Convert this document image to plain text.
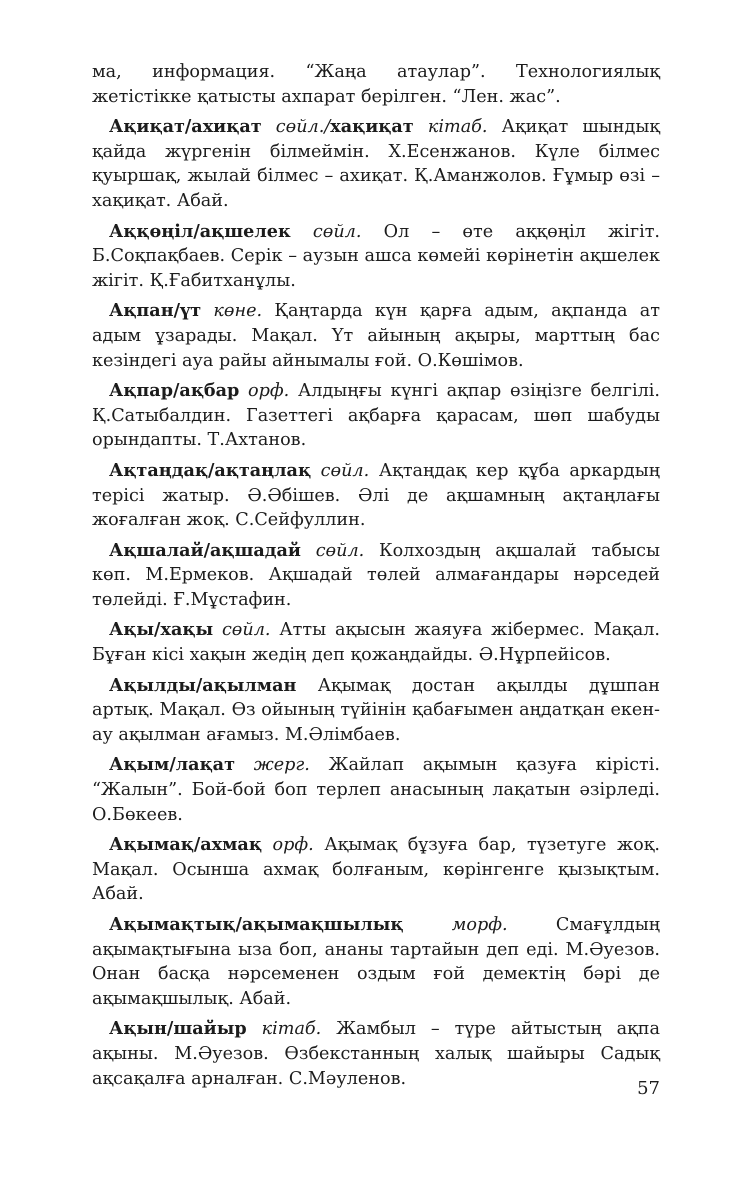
ма, информация. “Жаңа атаулар”. Технологиялық жетістікке қатысты ахпарат берілген. “Лен. жас”.

Ақиқат/ахиқат сөйл./хақиқат кітаб. Ақиқат шындық қайда жүргенін білмеймін. Х.Есенжанов. Күле білмес қуыршақ, жылай білмес – ахиқат. Қ.Аманжолов. Ғұмыр өзі – хақиқат. Абай.

Аққөңіл/ақшелек сөйл. Ол – өте аққөңіл жігіт. Б.Соқпақбаев. Серік – аузын ашса көмейі көрінетін ақшелек жігіт. Қ.Ғабитханұлы.

Ақпан/үт көне. Қаңтарда күн қарға адым, ақпанда ат адым ұзарады. Мақал. Үт айының ақыры, марттың бас кезіндегі ауа райы айнымалы ғой. О.Көшімов.

Ақпар/ақбар орф. Алдыңғы күнгі ақпар өзіңізге белгілі. Қ.Сатыбалдин. Газеттегі ақбарға қарасам, шөп шабуды орындапты. Т.Ахтанов.

Ақтаңдақ/ақтаңлақ сөйл. Ақтаңдақ кер құба аркардың терісі жатыр. Ә.Әбішев. Әлі де ақшамның ақтаңлағы жоғалған жоқ. С.Сейфуллин.

Ақшалай/ақшадай сөйл. Колхоздың ақшалай табысы көп. М.Ермеков. Ақшадай төлей алмағандары нәрседей төлейді. Ғ.Мұстафин.

Ақы/хақы сөйл. Атты ақысын жаяуға жібермес. Мақал. Бұған кісі хақын жедің деп қожаңдайды. Ә.Нұрпейісов.

Ақылды/ақылман Ақымақ достан ақылды дұшпан артық. Мақал. Өз ойының түйінін қабағымен аңдатқан екен-ау ақылман ағамыз. М.Әлімбаев.

Ақым/лақат жерг. Жайлап ақымын қазуға кірісті. “Жалын”. Бой-бой боп терлеп анасының лақатын әзірледі. О.Бөкеев.

Ақымақ/ахмақ орф. Ақымақ бұзуға бар, түзетуге жоқ. Мақал. Осынша ахмақ болғаным, көрінгенге қызықтым. Абай.

Ақымақтық/ақымақшылық	морф.	Смағұлдың ақымақтығына ыза боп, ананы тартайын деп еді. М.Әуезов. Онан басқа нәрсеменен оздым ғой демектің бәрі де ақымақшылық. Абай.

Ақын/шайыр кітаб. Жамбыл – түре айтыстың ақпа ақыны. М.Әуезов. Өзбекстанның халық шайыры Садық ақсақалға арналған. С.Мәуленов.	57
